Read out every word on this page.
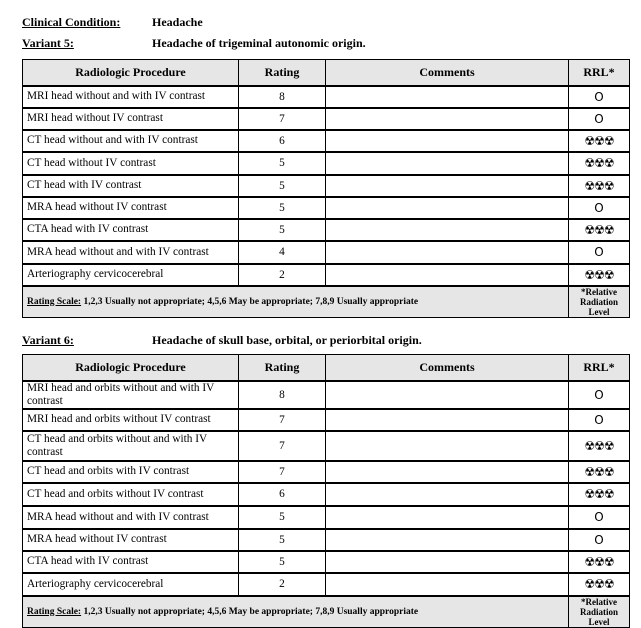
Clinical Condition:	Headache
Variant 5:	Headache of trigeminal autonomic origin.
Radiologic Procedure	Rating	Comments	RRL*
MRI head without and with IV contrast	8		O
MRI head without IV contrast	7		O
CT head without and with IV contrast	6		☢☢☢
CT head without IV contrast	5		☢☢☢
CT head with IV contrast	5		☢☢☢
MRA head without IV contrast	5		O
CTA head with IV contrast	5		☢☢☢
MRA head without and with IV contrast	4		O
Arteriography cervicocerebral	2		☢☢☢
Rating Scale: 1,2,3 Usually not appropriate; 4,5,6 May be appropriate; 7,8,9 Usually appropriate			*Relative
Radiation Level
Variant 6:	Headache of skull base, orbital, or periorbital origin.
Radiologic Procedure	Rating	Comments	RRL*
MRI head and orbits without and with IV contrast	8		O
MRI head and orbits without IV contrast	7		O
CT head and orbits without and with IV contrast	7		☢☢☢
CT head and orbits with IV contrast	7		☢☢☢
CT head and orbits without IV contrast	6		☢☢☢
MRA head without and with IV contrast	5		O
MRA head without IV contrast	5		O
CTA head with IV contrast	5		☢☢☢
Arteriography cervicocerebral	2		☢☢☢
Rating Scale: 1,2,3 Usually not appropriate; 4,5,6 May be appropriate; 7,8,9 Usually appropriate			*Relative
Radiation Level
